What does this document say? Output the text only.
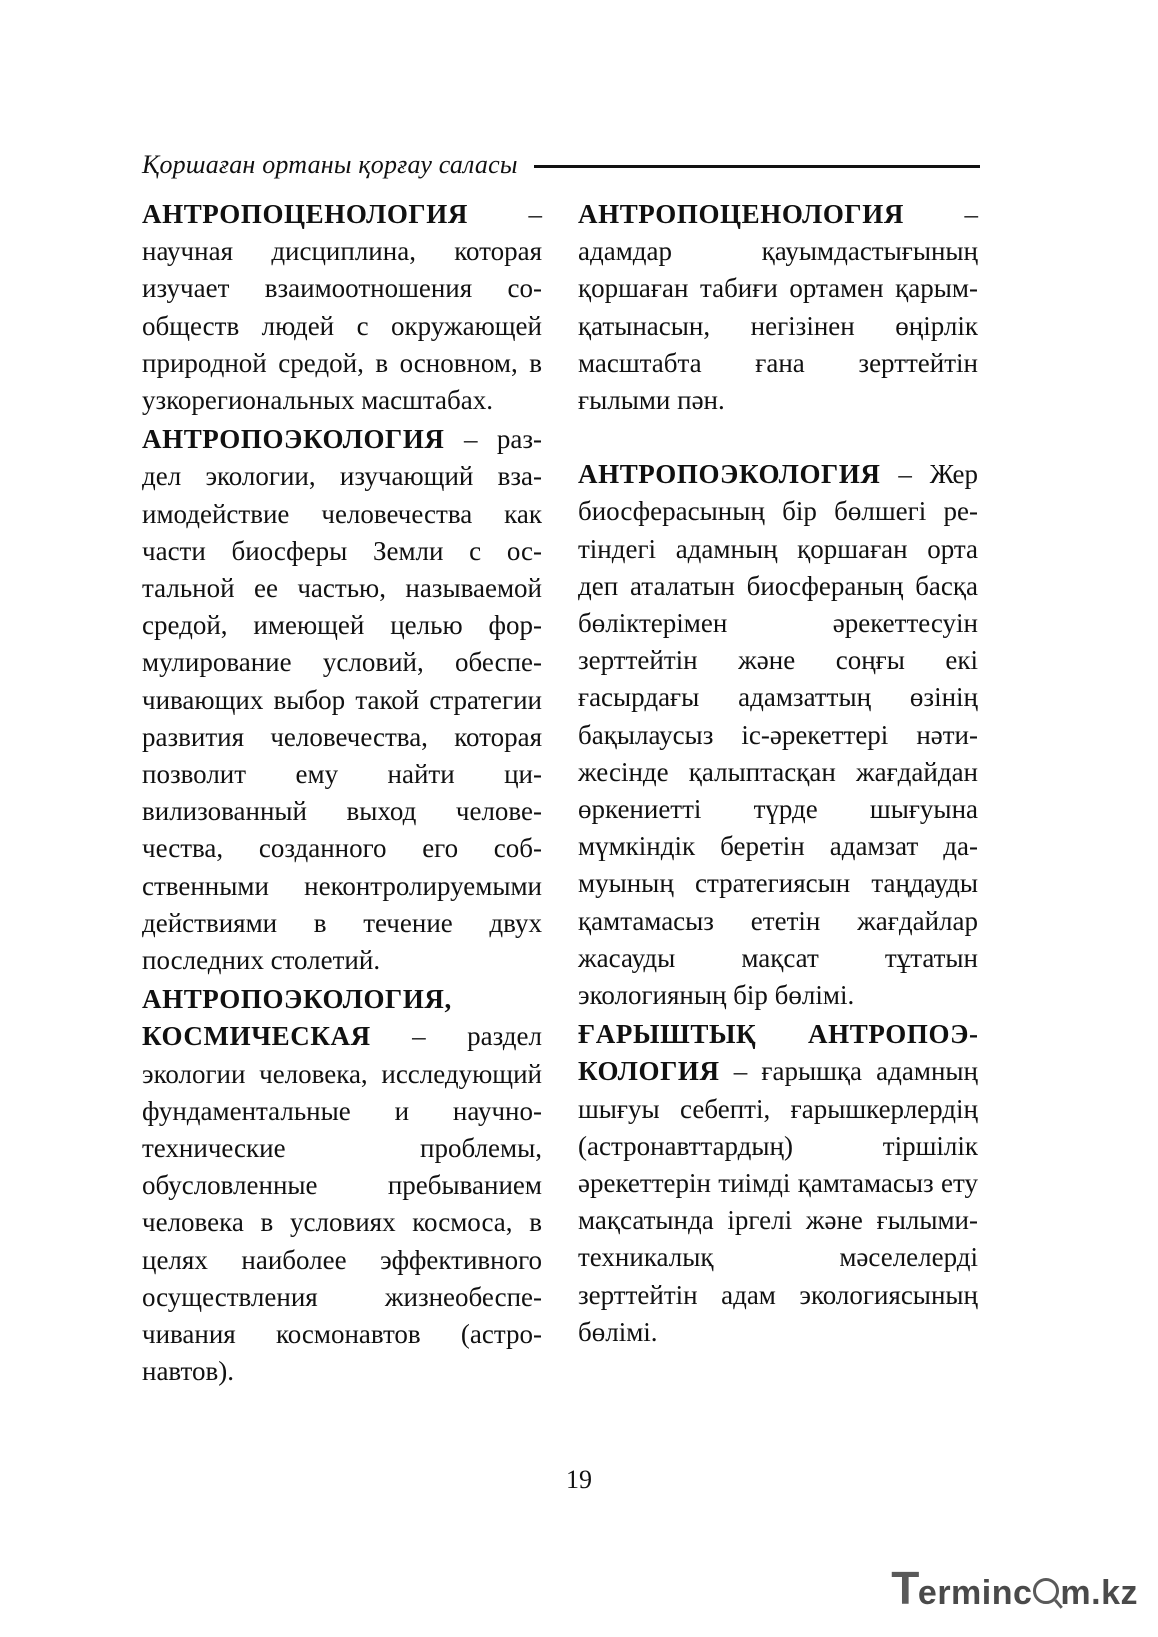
Қоршаған ортаны қорғау саласы

АНТРОПОЦЕНОЛОГИЯ – научная дисциплина, которая изучает взаимоотношения сообществ людей с окружающей природной средой, в основном, в узкорегиональных масштабах.

АНТРОПОЭКОЛОГИЯ – раздел экологии, изучающий взаимодействие человечества как части биосферы Земли с остальной ее частью, называемой средой, имеющей целью формулирование условий, обеспечивающих выбор такой стратегии развития человечества, которая позволит ему найти цивилизованный выход человечества, созданного его собственными неконтролируемыми действиями в течение двух последних столетий.

АНТРОПОЭКОЛОГИЯ, КОСМИЧЕСКАЯ – раздел экологии человека, исследующий фундаментальные и научно-технические проблемы, обусловленные пребыванием человека в условиях космоса, в целях наиболее эффективного осуществления жизнеобеспечивания космонавтов (астронавтов).

АНТРОПОЦЕНОЛОГИЯ – адамдар қауымдастығының қоршаған табиғи ортамен қарым-қатынасын, негізінен өңірлік масштабта ғана зерттейтін ғылыми пән.

АНТРОПОЭКОЛОГИЯ – Жер биосферасының бір бөлшегі ретіндегі адамның қоршаған орта деп аталатын биосфераның басқа бөліктерімен әрекеттесуін зерттейтін және соңғы екі ғасырдағы адамзаттың өзінің бақылаусыз іс-әрекеттері нәтижесінде қалыптасқан жағдайдан өркениетті түрде шығуына мүмкіндік беретін адамзат дамуының стратегиясын таңдауды қамтамасыз ететін жағдайлар жасауды мақсат тұтатын экологияның бір бөлімі.

ҒАРЫШТЫҚ АНТРОПОЭКОЛОГИЯ – ғарышқа адамның шығуы себепті, ғарышкерлердің (астронавттардың) тіршілік әрекеттерін тиімді қамтамасыз ету мақсатында іргелі және ғылыми-техникалық мәселелерді зерттейтін адам экологиясының бөлімі.

19
T
erminc m.kz
